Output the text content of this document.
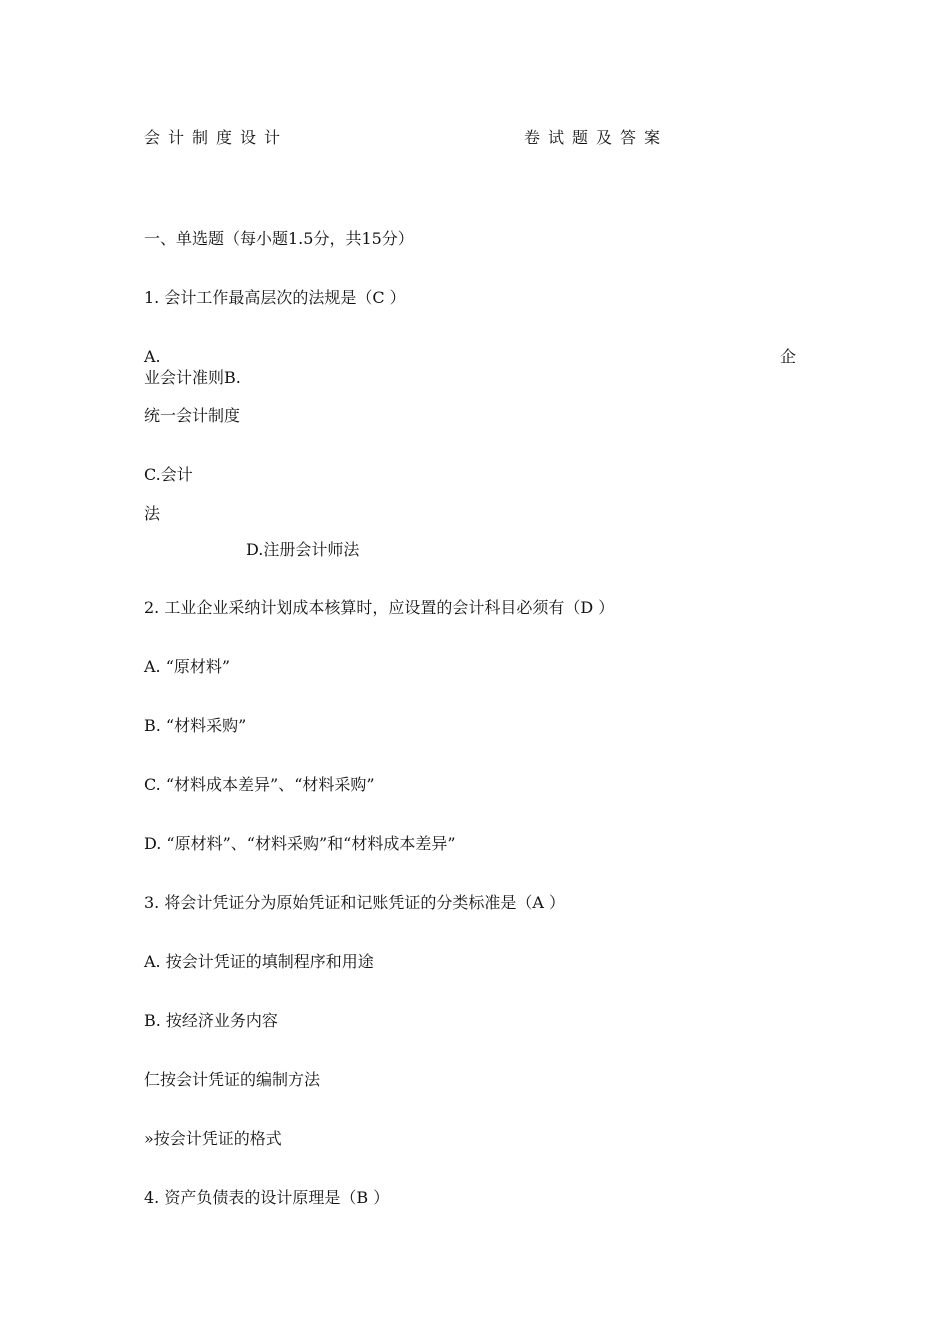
会计制度设计	卷试题及答案
一、单选题（每小题1.5分，共15分）
1. 会计工作最高层次的法规是（C ）
A.	企
业会计准则B.
统一会计制度
C.会计
法
D.注册会计师法
2. 工业企业采纳计划成本核算时，应设置的会计科目必须有（D ）
A. “原材料”
B. “材料采购”
C. “材料成本差异”、“材料采购”
D. “原材料”、“材料采购”和“材料成本差异”
3. 将会计凭证分为原始凭证和记账凭证的分类标准是（A ）
A. 按会计凭证的填制程序和用途
B. 按经济业务内容
仁按会计凭证的编制方法
»按会计凭证的格式
4. 资产负债表的设计原理是（B ）
